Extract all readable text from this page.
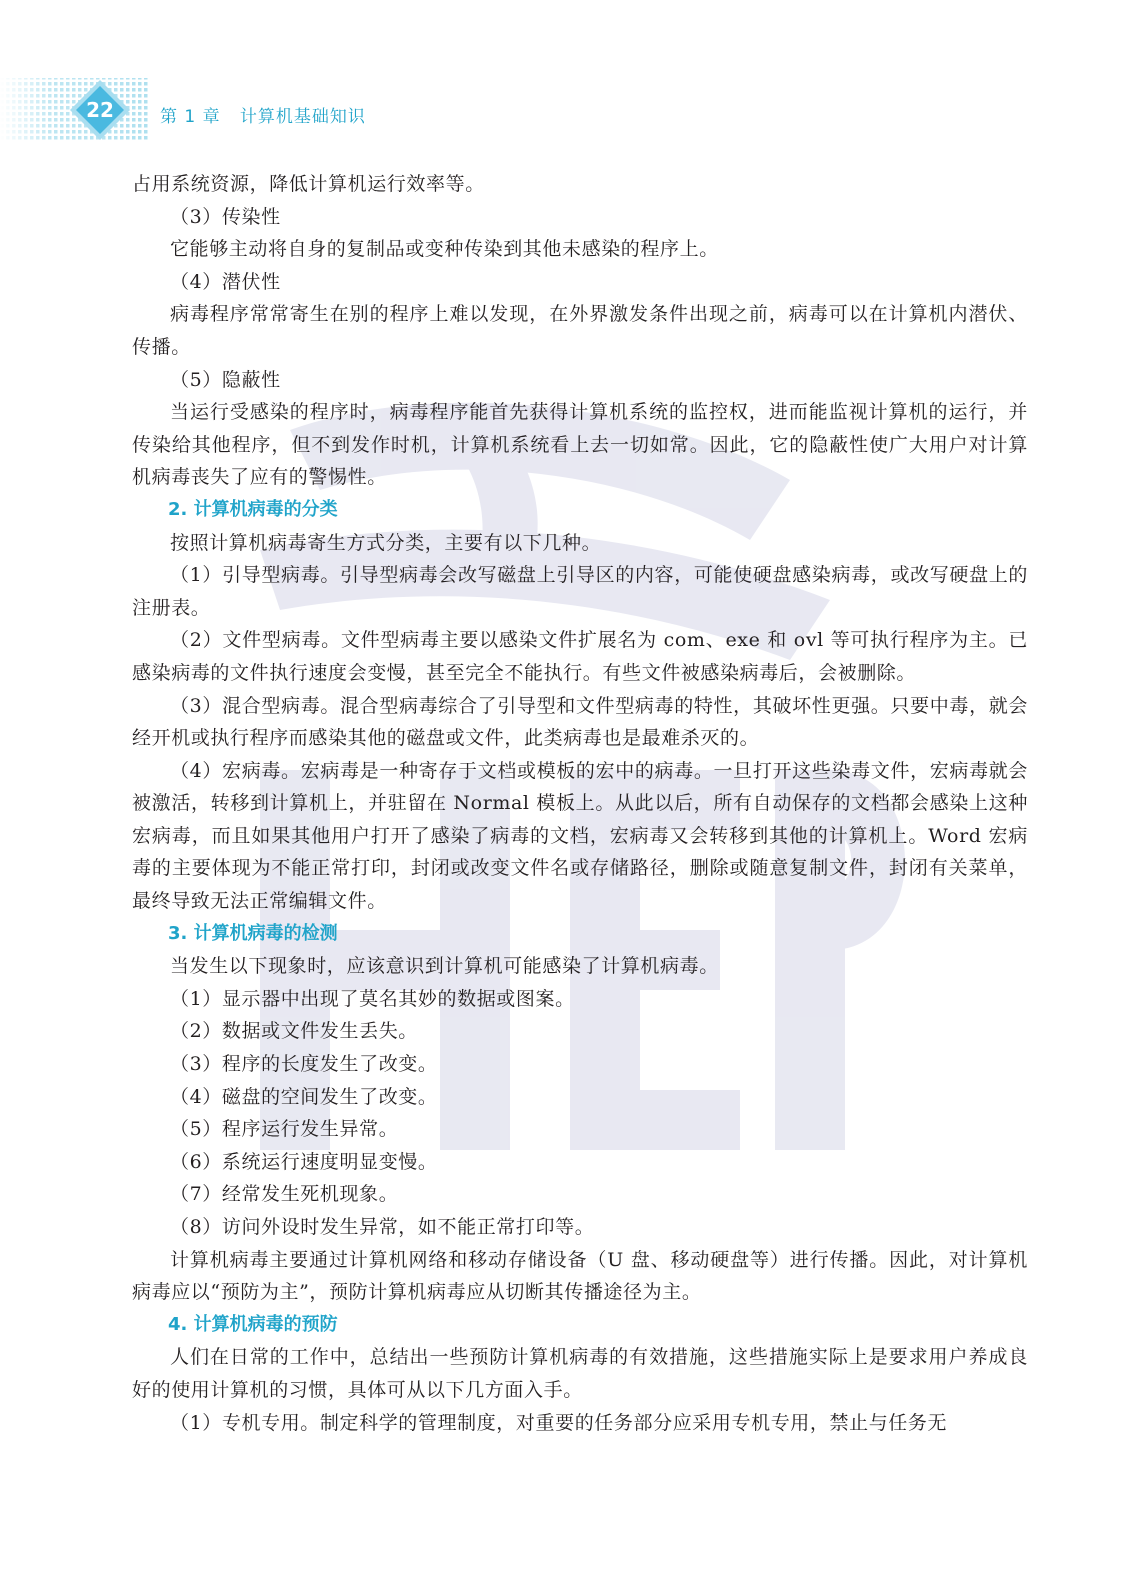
22	第 1 章   计算机基础知识

占用系统资源，降低计算机运行效率等。

（3）传染性

它能够主动将自身的复制品或变种传染到其他未感染的程序上。

（4）潜伏性

病毒程序常常寄生在别的程序上难以发现，在外界激发条件出现之前，病毒可以在计算机内潜伏、传播。

（5）隐蔽性

当运行受感染的程序时，病毒程序能首先获得计算机系统的监控权，进而能监视计算机的运行，并传染给其他程序，但不到发作时机，计算机系统看上去一切如常。因此，它的隐蔽性使广大用户对计算机病毒丧失了应有的警惕性。

2. 计算机病毒的分类

按照计算机病毒寄生方式分类，主要有以下几种。

（1）引导型病毒。引导型病毒会改写磁盘上引导区的内容，可能使硬盘感染病毒，或改写硬盘上的注册表。

（2）文件型病毒。文件型病毒主要以感染文件扩展名为 com、exe 和 ovl 等可执行程序为主。已感染病毒的文件执行速度会变慢，甚至完全不能执行。有些文件被感染病毒后，会被删除。

（3）混合型病毒。混合型病毒综合了引导型和文件型病毒的特性，其破坏性更强。只要中毒，就会经开机或执行程序而感染其他的磁盘或文件，此类病毒也是最难杀灭的。

（4）宏病毒。宏病毒是一种寄存于文档或模板的宏中的病毒。一旦打开这些染毒文件，宏病毒就会被激活，转移到计算机上，并驻留在 Normal 模板上。从此以后，所有自动保存的文档都会感染上这种宏病毒，而且如果其他用户打开了感染了病毒的文档，宏病毒又会转移到其他的计算机上。Word 宏病毒的主要体现为不能正常打印，封闭或改变文件名或存储路径，删除或随意复制文件，封闭有关菜单，最终导致无法正常编辑文件。

3. 计算机病毒的检测

当发生以下现象时，应该意识到计算机可能感染了计算机病毒。

（1）显示器中出现了莫名其妙的数据或图案。

（2）数据或文件发生丢失。

（3）程序的长度发生了改变。

（4）磁盘的空间发生了改变。

（5）程序运行发生异常。

（6）系统运行速度明显变慢。

（7）经常发生死机现象。

（8）访问外设时发生异常，如不能正常打印等。

计算机病毒主要通过计算机网络和移动存储设备（U 盘、移动硬盘等）进行传播。因此，对计算机病毒应以“预防为主”，预防计算机病毒应从切断其传播途径为主。

4. 计算机病毒的预防

人们在日常的工作中，总结出一些预防计算机病毒的有效措施，这些措施实际上是要求用户养成良好的使用计算机的习惯，具体可从以下几方面入手。

（1）专机专用。制定科学的管理制度，对重要的任务部分应采用专机专用，禁止与任务无
